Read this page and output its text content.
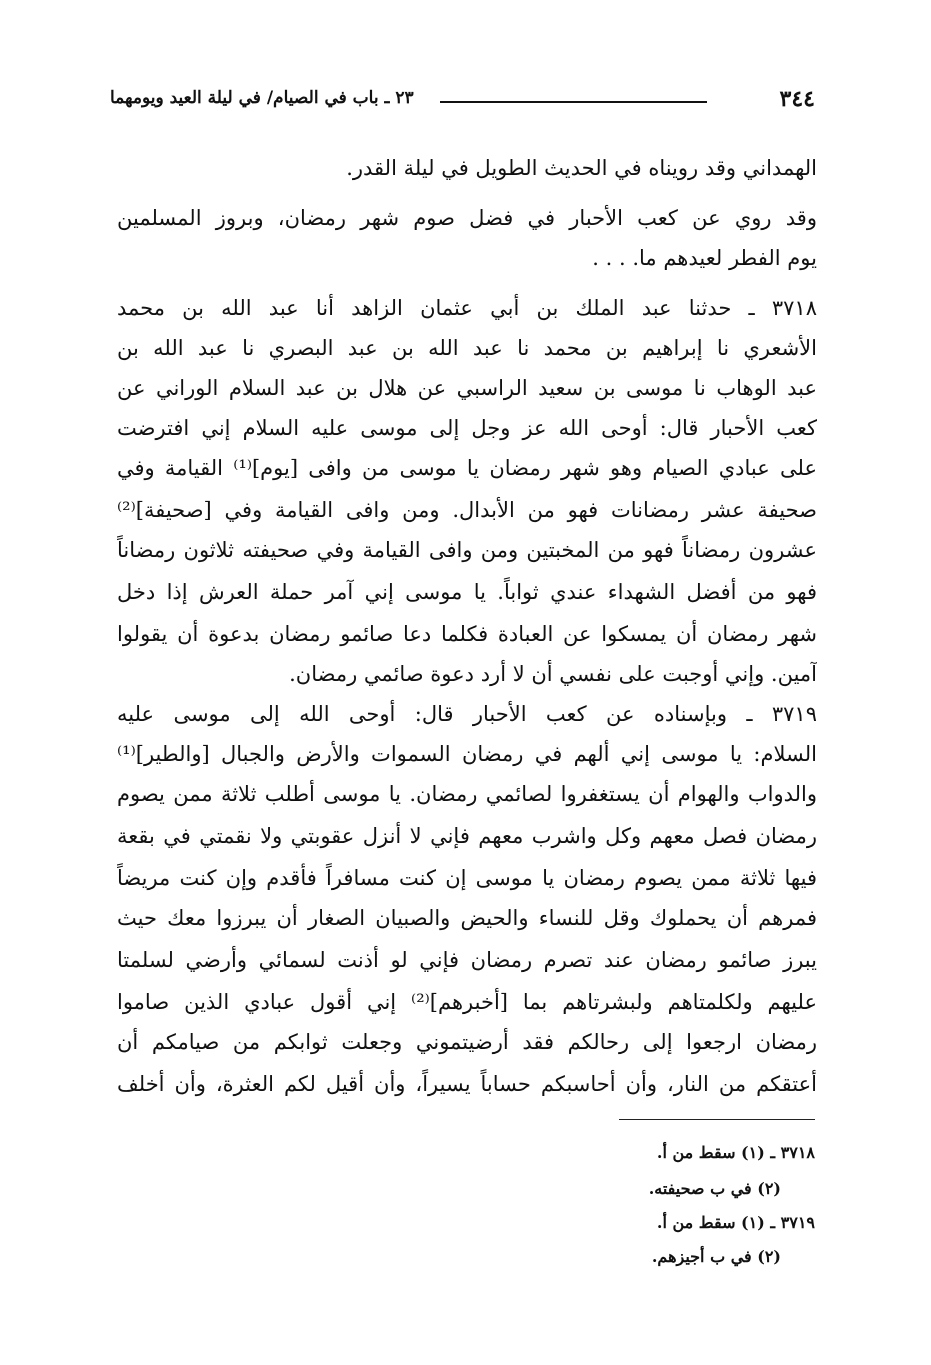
٣٤٤
٢٣ ـ باب في الصيام/ في ليلة العيد ويومهما
الهمداني وقد رويناه في الحديث الطويل في ليلة القدر.
وقد روي عن كعب الأحبار في فضل صوم شهر رمضان، وبروز المسلمين
يوم الفطر لعيدهم ما. . . .
٣٧١٨ ـ حدثنا عبد الملك بن أبي عثمان الزاهد أنا عبد الله بن محمد
الأشعري نا إبراهيم بن محمد نا عبد الله بن عبد البصري نا عبد الله بن
عبد الوهاب نا موسى بن سعيد الراسبي عن هلال بن عبد السلام الوراني عن
كعب الأحبار قال: أوحى الله عز وجل إلى موسى عليه السلام إني افترضت
على عبادي الصيام وهو شهر رمضان يا موسى من وافى [يوم]⁽¹⁾ القيامة وفي
صحيفة عشر رمضانات فهو من الأبدال. ومن وافى القيامة وفي [صحيفة]⁽²⁾
عشرون رمضاناً فهو من المخبتين ومن وافى القيامة وفي صحيفته ثلاثون رمضاناً
فهو من أفضل الشهداء عندي ثواباً. يا موسى إني آمر حملة العرش إذا دخل
شهر رمضان أن يمسكوا عن العبادة فكلما دعا صائمو رمضان بدعوة أن يقولوا
آمين. وإني أوجبت على نفسي أن لا أرد دعوة صائمي رمضان.
٣٧١٩ ـ وبإسناده عن كعب الأحبار قال: أوحى الله إلى موسى عليه
السلام: يا موسى إني ألهم في رمضان السموات والأرض والجبال [والطير]⁽¹⁾
والدواب والهوام أن يستغفروا لصائمي رمضان. يا موسى أطلب ثلاثة ممن يصوم
رمضان فصل معهم وكل واشرب معهم فإني لا أنزل عقوبتي ولا نقمتي في بقعة
فيها ثلاثة ممن يصوم رمضان يا موسى إن كنت مسافراً فأقدم وإن كنت مريضاً
فمرهم أن يحملوك وقل للنساء والحيض والصبيان الصغار أن يبرزوا معك حيث
يبرز صائمو رمضان عند تصرم رمضان فإني لو أذنت لسمائي وأرضي لسلمتا
عليهم ولكلمتاهم ولبشرتاهم بما [أخبرهم]⁽²⁾ إني أقول عبادي الذين صاموا
رمضان ارجعوا إلى رحالكم فقد أرضيتموني وجعلت ثوابكم من صيامكم أن
أعتقكم من النار، وأن أحاسبكم حساباً يسيراً، وأن أقيل لكم العثرة، وأن أخلف
٣٧١٨ ـ (١) سقط من أ.
(٢) في ب صحيفته.
٣٧١٩ ـ (١) سقط من أ.
(٢) في ب أجيزهم.
